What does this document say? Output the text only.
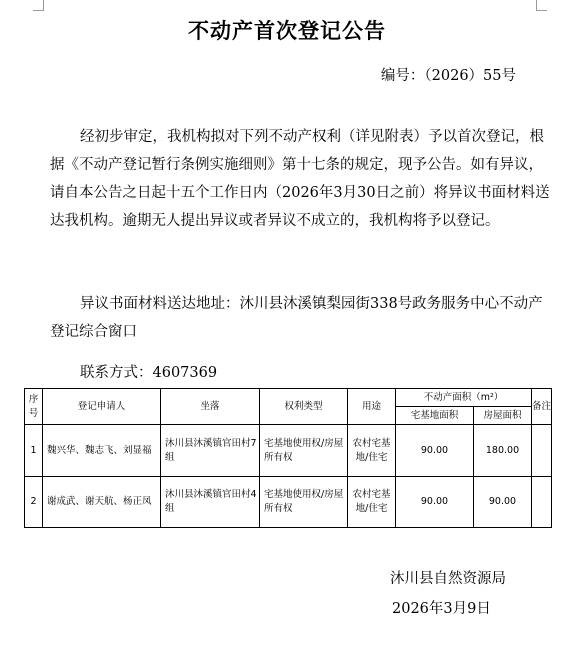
不动产首次登记公告
编号：（2026）55号
经初步审定，我机构拟对下列不动产权利（详见附表）予以首次登记，根据《不动产登记暂行条例实施细则》第十七条的规定，现予公告。如有异议，请自本公告之日起十五个工作日内（2026年3月30日之前）将异议书面材料送达我机构。逾期无人提出异议或者异议不成立的，我机构将予以登记。
异议书面材料送达地址：沐川县沐溪镇梨园街338号政务服务中心不动产登记综合窗口
联系方式：4607369
序号	登记申请人	坐落	权利类型	用途	不动产面积（m²）		备注
					宅基地面积	房屋面积	
1	魏兴华、魏志飞、刘显福	沐川县沐溪镇官田村7组	宅基地使用权/房屋所有权	农村宅基地/住宅	90.00	180.00	
2	谢成武、谢天航、杨正凤	沐川县沐溪镇官田村4组	宅基地使用权/房屋所有权	农村宅基地/住宅	90.00	90.00	
沐川县自然资源局
2026年3月9日
